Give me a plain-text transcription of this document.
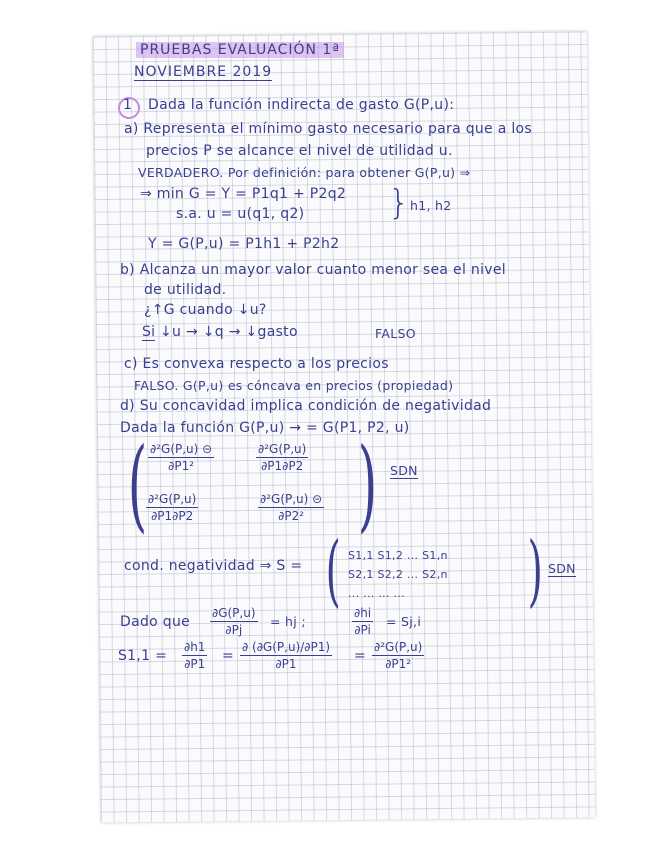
PRUEBAS EVALUACIÓN 1ª
NOVIEMBRE 2019
1 Dada la función indirecta de gasto G(P,u):
a) Representa el mínimo gasto necesario para que a los
precios P se alcance el nivel de utilidad u.
VERDADERO. Por definición: para obtener G(P,u) ⇒
⇒ min G = Y = P1q1 + P2q2
s.a. u = u(q1, q2) } h1, h2
Y = G(P,u) = P1h1 + P2h2
b) Alcanza un mayor valor cuanto menor sea el nivel
de utilidad.
¿↑G cuando ↓u?
Si ↓u → ↓q → ↓gasto	FALSO
c) Es convexa respecto a los precios
FALSO. G(P,u) es cóncava en precios (propiedad)
d) Su concavidad implica condición de negatividad
Dada la función G(P,u) → = G(P1, P2, u)
( )
$\frac{\text{∂²G(P,u) ⊝}}{\text{∂P1²}}$	$\frac{\text{∂²G(P,u)}}{\partial P1\partial P2}$
$\frac{\text{∂²G(P,u)}}{\partial P1\partial P2}$	$\frac{\text{∂²G(P,u) ⊝}}{\text{∂P2²}}$
SDN
cond. negatividad ⇒ S = ( S1,1 S1,2 ... S1,n
S2,1 S2,2 ... S2,n
... ... ... ... ) SDN
Dado que $\frac{\partial G(P,u)}{\partial Pj}$ = hj ;	$\frac{\partial hi}{\partial Pi} = Sj,i$
$S1,1 = \frac{\partial h1}{\partial P1} = \frac{\partial (\partial G(P,u)/\partial P1)}{\partial P1} = \frac{\text{∂²G(P,u)}}{\text{∂P1²}}$
